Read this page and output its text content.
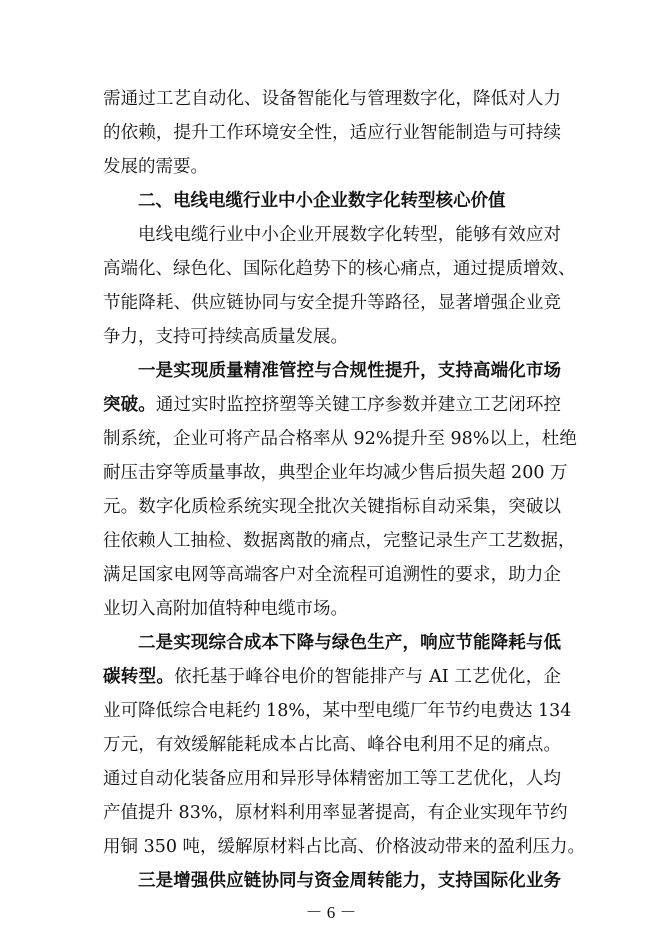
需通过工艺自动化、设备智能化与管理数字化，降低对人力
的依赖，提升工作环境安全性，适应行业智能制造与可持续
发展的需要。
二、电线电缆行业中小企业数字化转型核心价值
电线电缆行业中小企业开展数字化转型，能够有效应对
高端化、绿色化、国际化趋势下的核心痛点，通过提质增效、
节能降耗、供应链协同与安全提升等路径，显著增强企业竞
争力，支持可持续高质量发展。
一是实现质量精准管控与合规性提升，支持高端化市场
突破。通过实时监控挤塑等关键工序参数并建立工艺闭环控
制系统，企业可将产品合格率从 92%提升至 98%以上，杜绝
耐压击穿等质量事故，典型企业年均减少售后损失超 200 万
元。数字化质检系统实现全批次关键指标自动采集，突破以
往依赖人工抽检、数据离散的痛点，完整记录生产工艺数据，
满足国家电网等高端客户对全流程可追溯性的要求，助力企
业切入高附加值特种电缆市场。
二是实现综合成本下降与绿色生产，响应节能降耗与低
碳转型。依托基于峰谷电价的智能排产与 AI 工艺优化，企
业可降低综合电耗约 18%，某中型电缆厂年节约电费达 134
万元，有效缓解能耗成本占比高、峰谷电利用不足的痛点。
通过自动化装备应用和异形导体精密加工等工艺优化，人均
产值提升 83%，原材料利用率显著提高，有企业实现年节约
用铜 350 吨，缓解原材料占比高、价格波动带来的盈利压力。
三是增强供应链协同与资金周转能力，支持国际化业务
－ 6 －
